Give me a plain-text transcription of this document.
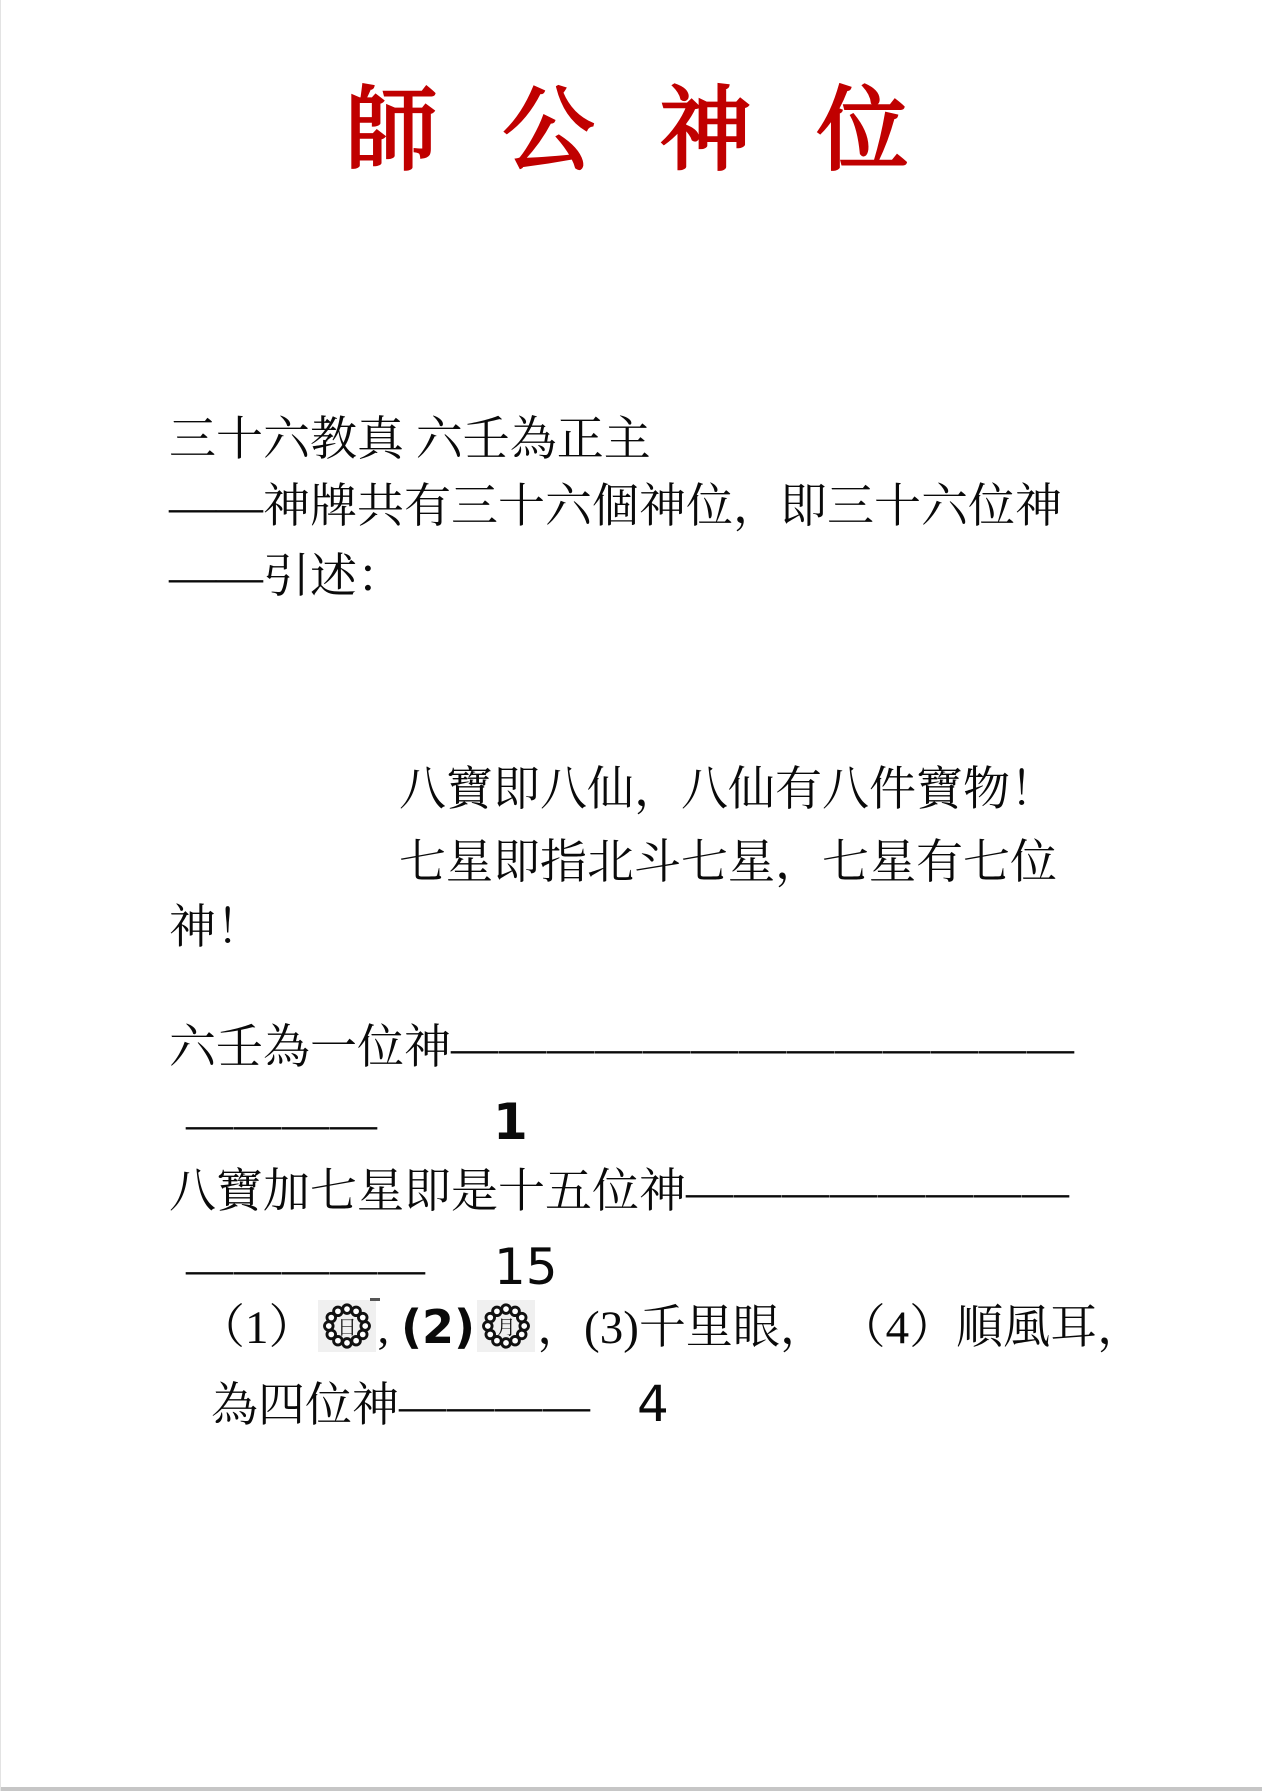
師 公 神 位
三十六教真 六壬為正主
——神牌共有三十六個神位，即三十六位神
——引述：
八寶即八仙，八仙有八件寶物！
七星即指北斗七星，七星有七位
神！
六壬為一位神—————————————
———— 1
八寶加七星即是十五位神————————
————— 15
（1） 日 , (2) 月 ，(3)千里眼， （4）順風耳，
為四位神———— 4
